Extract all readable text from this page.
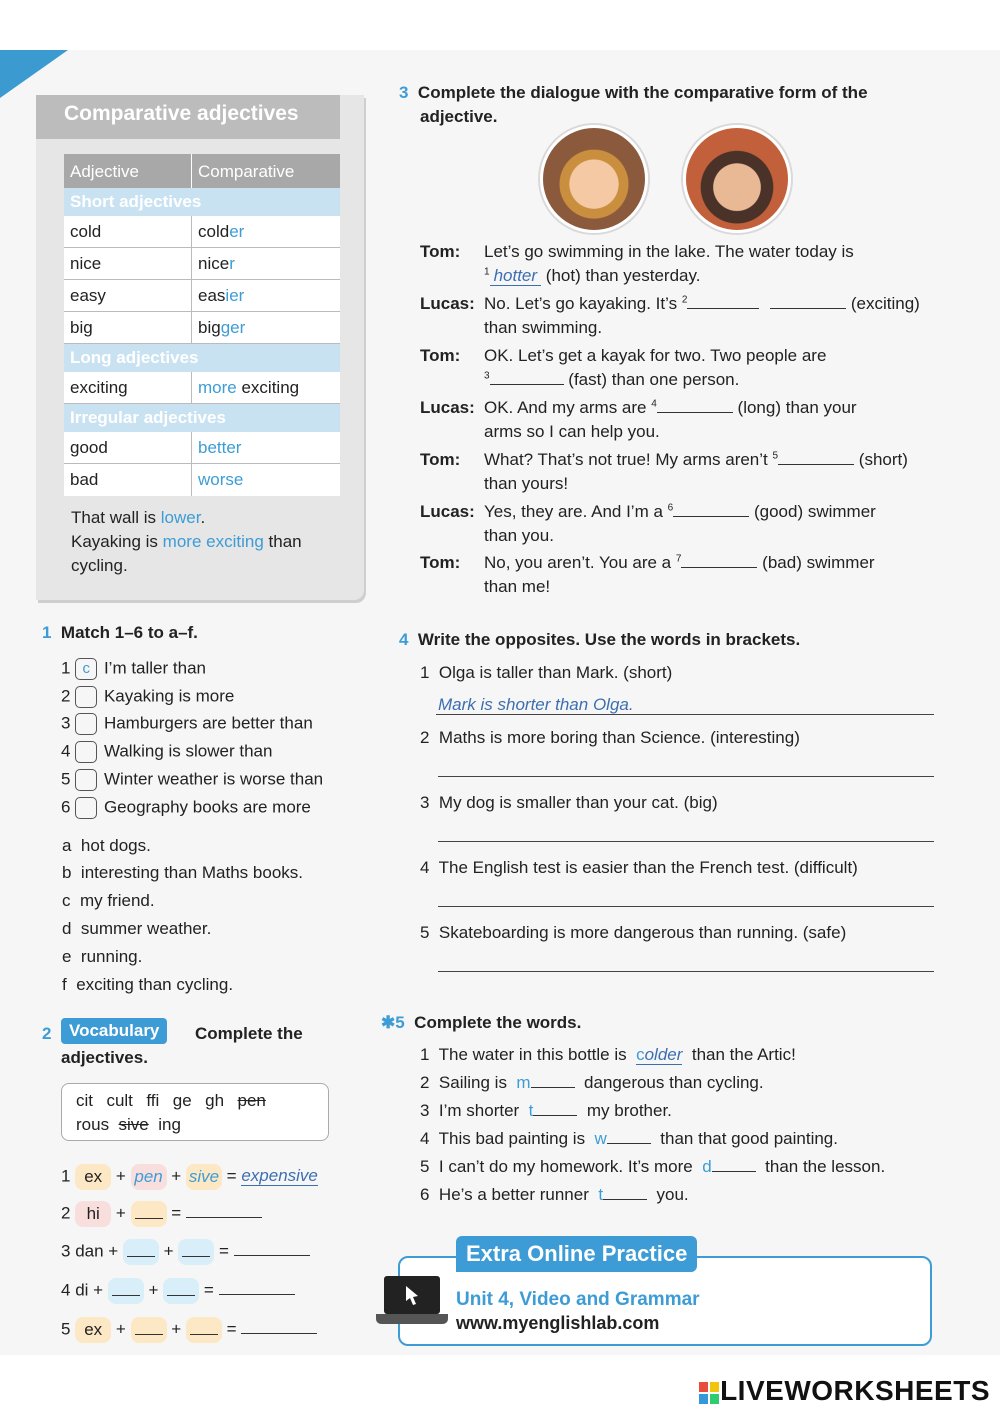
Comparative adjectives
Adjective	Comparative
Short adjectives
cold	colder
nice	nicer
easy	easier
big	bigger
Long adjectives
exciting	more exciting
Irregular adjectives
good	better
bad	worse
That wall is lower.
Kayaking is more exciting than
cycling.
3 Complete the dialogue with the comparative form of the
adjective.
Tom: Let’s go swimming in the lake. The water today is
$^1$ hotter (hot) than yesterday.
Lucas: No. Let’s go kayaking. It’s $^2$	(exciting)
than swimming.
Tom: OK. Let’s get a kayak for two. Two people are
$^3$	(fast) than one person.
Lucas: OK. And my arms are $^4$	(long) than your
arms so I can help you.
Tom: What? That’s not true! My arms aren’t $^5$	(short)
than yours!
Lucas: Yes, they are. And I’m a $^6$	(good) swimmer
than you.
Tom: No, you aren’t. You are a $^7$	(bad) swimmer
than me!
1 Match 1–6 to a–f.
1 c I’m taller than
2 Kayaking is more
3 Hamburgers are better than
4 Walking is slower than
5 Winter weather is worse than
6 Geography books are more
a hot dogs.
b interesting than Maths books.
c my friend.
d summer weather.
e running.
f exciting than cycling.
4 Write the opposites. Use the words in brackets.
1 Olga is taller than Mark. (short)
Mark is shorter than Olga.
2 Maths is more boring than Science. (interesting)
3 My dog is smaller than your cat. (big)
4 The English test is easier than the French test. (difficult)
5 Skateboarding is more dangerous than running. (safe)
2	Vocabulary	Complete the
adjectives.
cit cult ffi ge gh pen
rous sive ing
1 ex + pen + sive = expensive
2 hi +  =
3 dan +  +  =
4 di +  +  =
5 ex +  +  =
✱5 Complete the words.
1 The water in this bottle is colder than the Artic!
2 Sailing is m	dangerous than cycling.
3 I’m shorter t	my brother.
4 This bad painting is w	than that good painting.
5 I can’t do my homework. It’s more d	than the lesson.
6 He’s a better runner t	you.
Extra Online Practice
Unit 4, Video and Grammar
www.myenglishlab.com
LIVEWORKSHEETS
